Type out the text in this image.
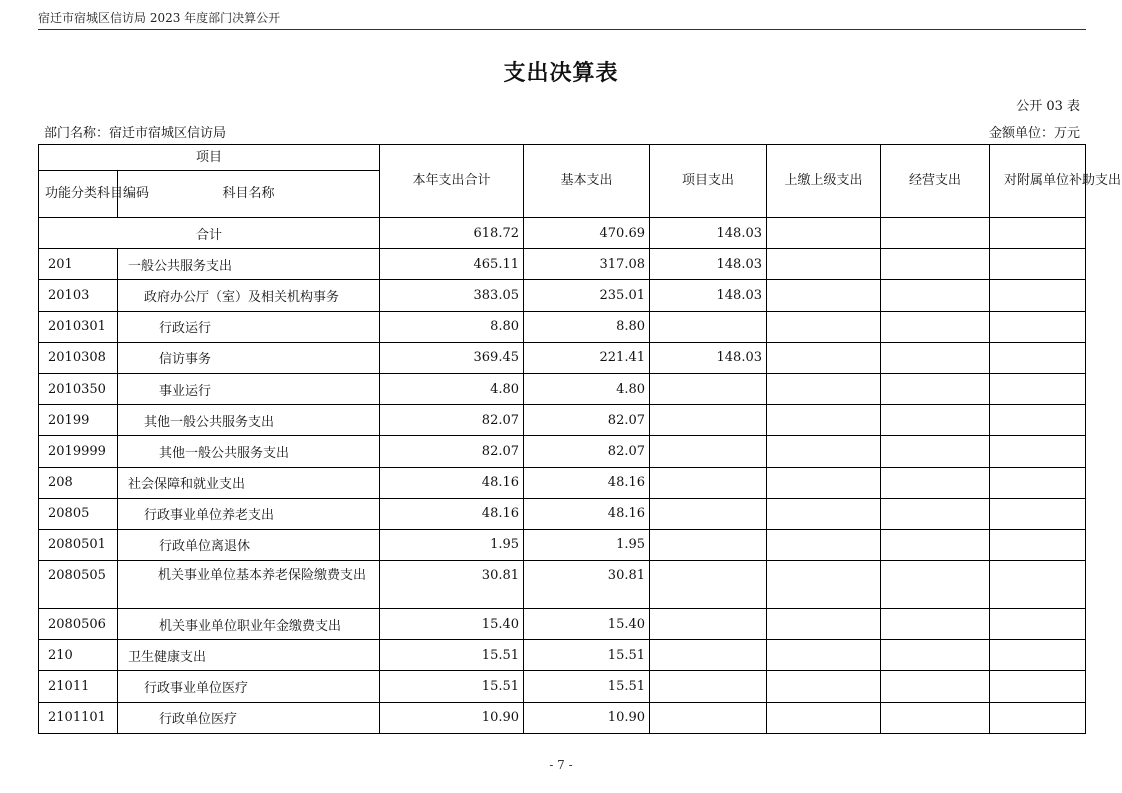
宿迁市宿城区信访局 2023 年度部门决算公开
支出决算表
公开 03 表
部门名称：宿迁市宿城区信访局	金额单位：万元
项目		本年支出合计	基本支出	项目支出	上缴上级支出	经营支出	对附属单位补助支出
功能分类科目编码	科目名称						
合计		618.72	470.69	148.03			
201	一般公共服务支出	465.11	317.08	148.03			
20103	政府办公厅（室）及相关机构事务	383.05	235.01	148.03			
2010301	行政运行	8.80	8.80				
2010308	信访事务	369.45	221.41	148.03			
2010350	事业运行	4.80	4.80				
20199	其他一般公共服务支出	82.07	82.07				
2019999	其他一般公共服务支出	82.07	82.07				
208	社会保障和就业支出	48.16	48.16				
20805	行政事业单位养老支出	48.16	48.16				
2080501	行政单位离退休	1.95	1.95				
2080505	机关事业单位基本养老保险缴费支出	30.81	30.81				
2080506	机关事业单位职业年金缴费支出	15.40	15.40				
210	卫生健康支出	15.51	15.51				
21011	行政事业单位医疗	15.51	15.51				
2101101	行政单位医疗	10.90	10.90				
- 7 -
